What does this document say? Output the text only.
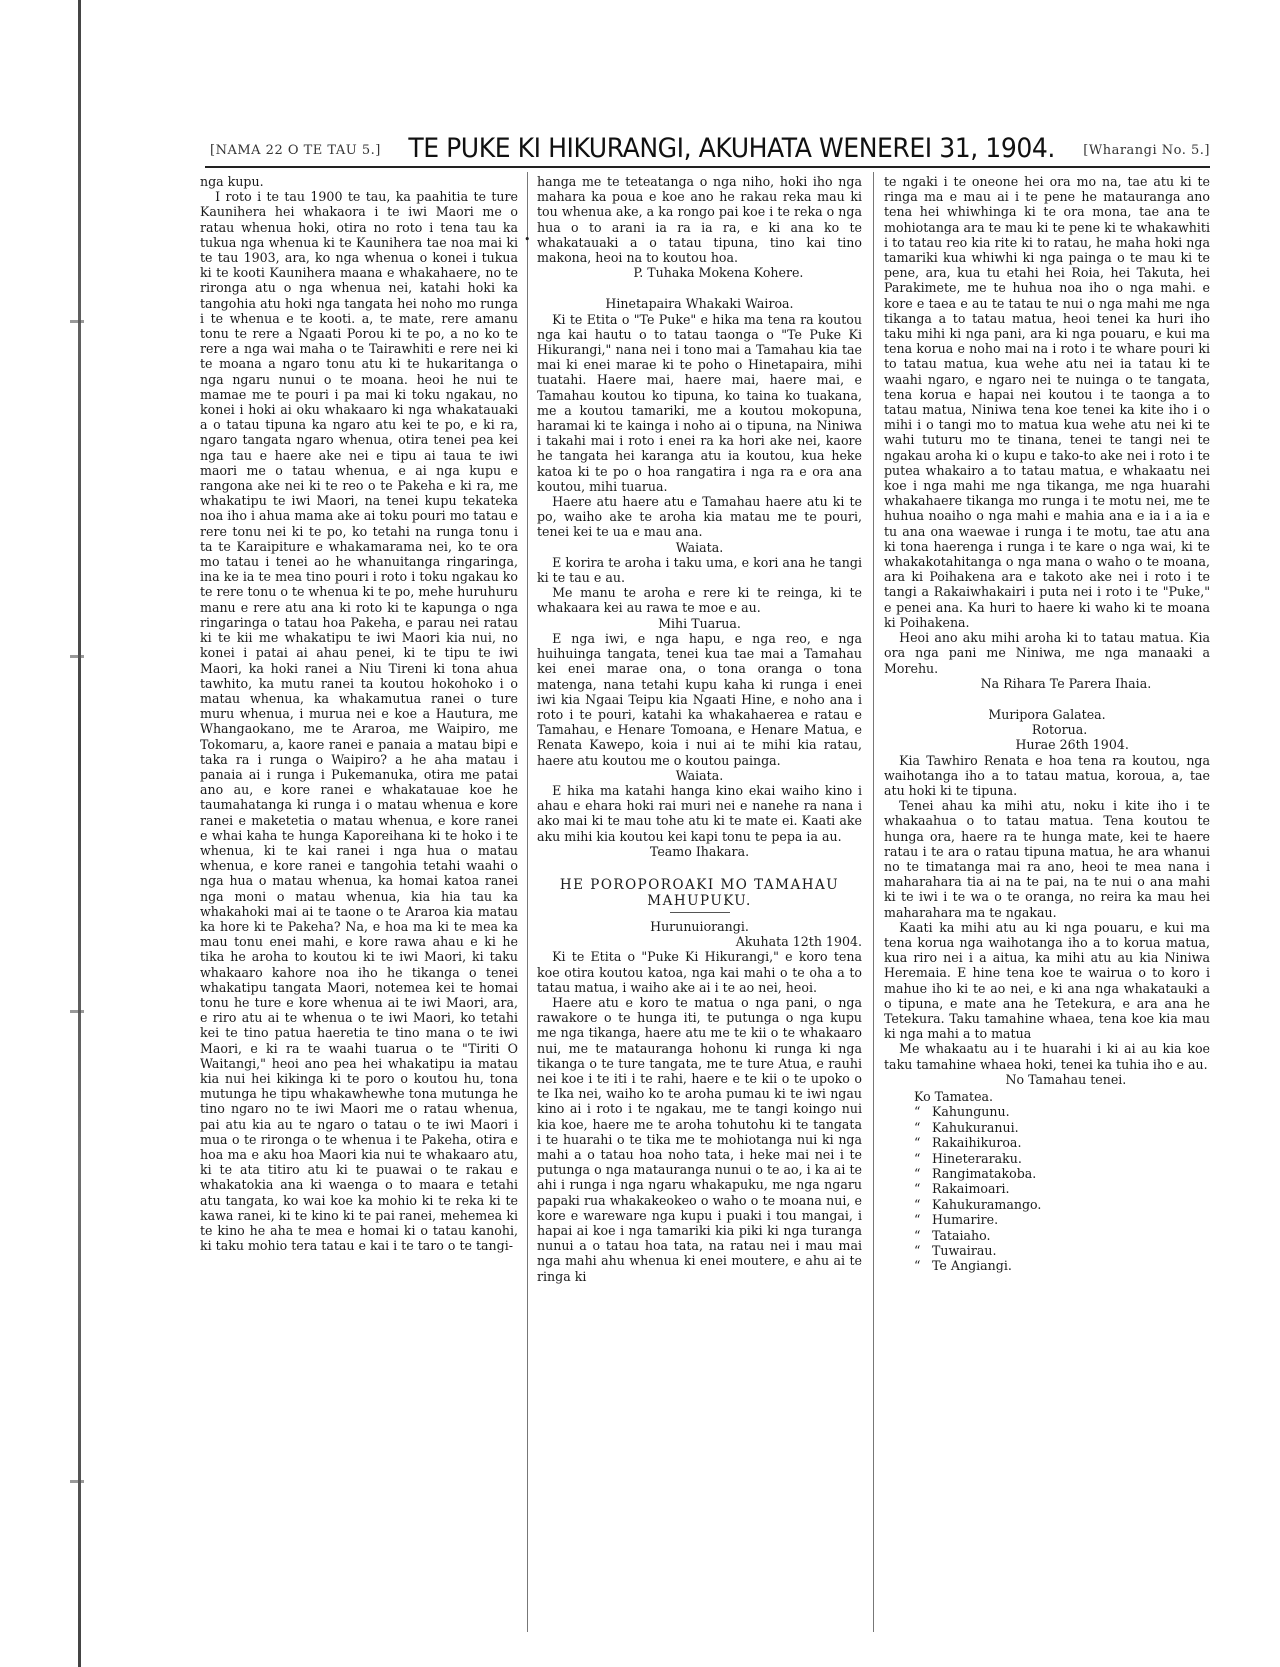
[NAMA 22 O TE TAU 5.] TE PUKE KI HIKURANGI, AKUHATA WENEREI 31, 1904. [Wharangi No. 5.]
•

nga kupu.

I roto i te tau 1900 te tau, ka paahitia te ture Kaunihera hei whakaora i te iwi Maori me o ratau whenua hoki, otira no roto i tena tau ka tukua nga whenua ki te Kaunihera tae noa mai ki te tau 1903, ara, ko nga whenua o konei i tukua ki te kooti Kaunihera maana e whakahaere, no te rironga atu o nga whenua nei, katahi hoki ka tangohia atu hoki nga tangata hei noho mo runga i te whenua e te kooti. a, te mate, rere amanu tonu te rere a Ngaati Porou ki te po, a no ko te rere a nga wai maha o te Tairawhiti e rere nei ki te moana a ngaro tonu atu ki te hukaritanga o nga ngaru nunui o te moana. heoi he nui te mamae me te pouri i pa mai ki toku ngakau, no konei i hoki ai oku whakaaro ki nga whakatauaki a o tatau tipuna ka ngaro atu kei te po, e ki ra, ngaro tangata ngaro whenua, otira tenei pea kei nga tau e haere ake nei e tipu ai taua te iwi maori me o tatau whenua, e ai nga kupu e rangona ake nei ki te reo o te Pakeha e ki ra, me whakatipu te iwi Maori, na tenei kupu tekateka noa iho i ahua mama ake ai toku pouri mo tatau e rere tonu nei ki te po, ko tetahi na runga tonu i ta te Karaipiture e whakamarama nei, ko te ora mo tatau i tenei ao he whanuitanga ringaringa, ina ke ia te mea tino pouri i roto i toku ngakau ko te rere tonu o te whenua ki te po, mehe huruhuru manu e rere atu ana ki roto ki te kapunga o nga ringaringa o tatau hoa Pakeha, e parau nei ratau ki te kii me whakatipu te iwi Maori kia nui, no konei i patai ai ahau penei, ki te tipu te iwi Maori, ka hoki ranei a Niu Tireni ki tona ahua tawhito, ka mutu ranei ta koutou hokohoko i o matau whenua, ka whakamutua ranei o ture muru whenua, i murua nei e koe a Hautura, me Whangaokano, me te Araroa, me Waipiro, me Tokomaru, a, kaore ranei e panaia a matau bipi e taka ra i runga o Waipiro? a he aha matau i panaia ai i runga i Pukemanuka, otira me patai ano au, e kore ranei e whakatauae koe he taumahatanga ki runga i o matau whenua e kore ranei e maketetia o matau whenua, e kore ranei e whai kaha te hunga Kaporeihana ki te hoko i te whenua, ki te kai ranei i nga hua o matau whenua, e kore ranei e tangohia tetahi waahi o nga hua o matau whenua, ka homai katoa ranei nga moni o matau whenua, kia hia tau ka whakahoki mai ai te taone o te Araroa kia matau ka hore ki te Pakeha? Na, e hoa ma ki te mea ka mau tonu enei mahi, e kore rawa ahau e ki he tika he aroha to koutou ki te iwi Maori, ki taku whakaaro kahore noa iho he tikanga o tenei whakatipu tangata Maori, notemea kei te homai tonu he ture e kore whenua ai te iwi Maori, ara, e riro atu ai te whenua o te iwi Maori, ko tetahi kei te tino patua haeretia te tino mana o te iwi Maori, e ki ra te waahi tuarua o te "Tiriti O Waitangi," heoi ano pea hei whakatipu ia matau kia nui hei kikinga ki te poro o koutou hu, tona mutunga he tipu whakawhewhe tona mutunga he tino ngaro no te iwi Maori me o ratau whenua, pai atu kia au te ngaro o tatau o te iwi Maori i mua o te rironga o te whenua i te Pakeha, otira e hoa ma e aku hoa Maori kia nui te whakaaro atu, ki te ata titiro atu ki te puawai o te rakau e whakatokia ana ki waenga o to maara e tetahi atu tangata, ko wai koe ka mohio ki te reka ki te kawa ranei, ki te kino ki te pai ranei, mehemea ki te kino he aha te mea e homai ki o tatau kanohi, ki taku mohio tera tatau e kai i te taro o te tangi-

hanga me te teteatanga o nga niho, hoki iho nga mahara ka poua e koe ano he rakau reka mau ki tou whenua ake, a ka rongo pai koe i te reka o nga hua o to arani ia ra ia ra, e ki ana ko te whakatauaki a o tatau tipuna, tino kai tino makona, heoi na to koutou hoa.

P. Tuhaka Mokena Kohere.

Hinetapaira Whakaki Wairoa.

Ki te Etita o "Te Puke" e hika ma tena ra koutou nga kai hautu o to tatau taonga o "Te Puke Ki Hikurangi," nana nei i tono mai a Tamahau kia tae mai ki enei marae ki te poho o Hinetapaira, mihi tuatahi. Haere mai, haere mai, haere mai, e Tamahau koutou ko tipuna, ko taina ko tuakana, me a koutou tamariki, me a koutou mokopuna, haramai ki te kainga i noho ai o tipuna, na Niniwa i takahi mai i roto i enei ra ka hori ake nei, kaore he tangata hei karanga atu ia koutou, kua heke katoa ki te po o hoa rangatira i nga ra e ora ana koutou, mihi tuarua.

Haere atu haere atu e Tamahau haere atu ki te po, waiho ake te aroha kia matau me te pouri, tenei kei te ua e mau ana.

Waiata.

E korira te aroha i taku uma, e kori ana he tangi ki te tau e au.

Me manu te aroha e rere ki te reinga, ki te whakaara kei au rawa te moe e au.

Mihi Tuarua.

E nga iwi, e nga hapu, e nga reo, e nga huihuinga tangata, tenei kua tae mai a Tamahau kei enei marae ona, o tona oranga o tona matenga, nana tetahi kupu kaha ki runga i enei iwi kia Ngaai Teipu kia Ngaati Hine, e noho ana i roto i te pouri, katahi ka whakahaerea e ratau e Tamahau, e Henare Tomoana, e Henare Matua, e Renata Kawepo, koia i nui ai te mihi kia ratau, haere atu koutou me o koutou painga.

Waiata.

E hika ma katahi hanga kino ekai waiho kino i ahau e ehara hoki rai muri nei e nanehe ra nana i ako mai ki te mau tohe atu ki te mate ei. Kaati ake aku mihi kia koutou kei kapi tonu te pepa ia au.

Teamo Ihakara.

HE POROPOROAKI MO TAMAHAU MAHUPUKU.

Hurunuiorangi.

Akuhata 12th 1904.

Ki te Etita o "Puke Ki Hikurangi," e koro tena koe otira koutou katoa, nga kai mahi o te oha a to tatau matua, i waiho ake ai i te ao nei, heoi.

Haere atu e koro te matua o nga pani, o nga rawakore o te hunga iti, te putunga o nga kupu me nga tikanga, haere atu me te kii o te whakaaro nui, me te matauranga hohonu ki runga ki nga tikanga o te ture tangata, me te ture Atua, e rauhi nei koe i te iti i te rahi, haere e te kii o te upoko o te Ika nei, waiho ko te aroha pumau ki te iwi ngau kino ai i roto i te ngakau, me te tangi koingo nui kia koe, haere me te aroha tohutohu ki te tangata i te huarahi o te tika me te mohiotanga nui ki nga mahi a o tatau hoa noho tata, i heke mai nei i te putunga o nga matauranga nunui o te ao, i ka ai te ahi i runga i nga ngaru whakapuku, me nga ngaru papaki rua whakakeokeo o waho o te moana nui, e kore e wareware nga kupu i puaki i tou mangai, i hapai ai koe i nga tamariki kia piki ki nga turanga nunui a o tatau hoa tata, na ratau nei i mau mai nga mahi ahu whenua ki enei moutere, e ahu ai te ringa ki

te ngaki i te oneone hei ora mo na, tae atu ki te ringa ma e mau ai i te pene he matauranga ano tena hei whiwhinga ki te ora mona, tae ana te mohiotanga ara te mau ki te pene ki te whakawhiti i to tatau reo kia rite ki to ratau, he maha hoki nga tamariki kua whiwhi ki nga painga o te mau ki te pene, ara, kua tu etahi hei Roia, hei Takuta, hei Parakimete, me te huhua noa iho o nga mahi. e kore e taea e au te tatau te nui o nga mahi me nga tikanga a to tatau matua, heoi tenei ka huri iho taku mihi ki nga pani, ara ki nga pouaru, e kui ma tena korua e noho mai na i roto i te whare pouri ki to tatau matua, kua wehe atu nei ia tatau ki te waahi ngaro, e ngaro nei te nuinga o te tangata, tena korua e hapai nei koutou i te taonga a to tatau matua, Niniwa tena koe tenei ka kite iho i o mihi i o tangi mo to matua kua wehe atu nei ki te wahi tuturu mo te tinana, tenei te tangi nei te ngakau aroha ki o kupu e tako-to ake nei i roto i te putea whakairo a to tatau matua, e whakaatu nei koe i nga mahi me nga tikanga, me nga huarahi whakahaere tikanga mo runga i te motu nei, me te huhua noaiho o nga mahi e mahia ana e ia i a ia e tu ana ona waewae i runga i te motu, tae atu ana ki tona haerenga i runga i te kare o nga wai, ki te whakakotahitanga o nga mana o waho o te moana, ara ki Poihakena ara e takoto ake nei i roto i te tangi a Rakaiwhakairi i puta nei i roto i te "Puke," e penei ana. Ka huri to haere ki waho ki te moana ki Poihakena.

Heoi ano aku mihi aroha ki to tatau matua. Kia ora nga pani me Niniwa, me nga manaaki a Morehu.

Na Rihara Te Parera Ihaia.

Muripora Galatea.

Rotorua.

Hurae 26th 1904.

Kia Tawhiro Renata e hoa tena ra koutou, nga waihotanga iho a to tatau matua, koroua, a, tae atu hoki ki te tipuna.

Tenei ahau ka mihi atu, noku i kite iho i te whakaahua o to tatau matua. Tena koutou te hunga ora, haere ra te hunga mate, kei te haere ratau i te ara o ratau tipuna matua, he ara whanui no te timatanga mai ra ano, heoi te mea nana i maharahara tia ai na te pai, na te nui o ana mahi ki te iwi i te wa o te oranga, no reira ka mau hei maharahara ma te ngakau.

Kaati ka mihi atu au ki nga pouaru, e kui ma tena korua nga waihotanga iho a to korua matua, kua riro nei i a aitua, ka mihi atu au kia Niniwa Heremaia. E hine tena koe te wairua o to koro i mahue iho ki te ao nei, e ki ana nga whakatauki a o tipuna, e mate ana he Tetekura, e ara ana he Tetekura. Taku tamahine whaea, tena koe kia mau ki nga mahi a to matua

Me whakaatu au i te huarahi i ki ai au kia koe taku tamahine whaea hoki, tenei ka tuhia iho e au.

No Tamahau tenei.

Ko Tamatea.
“ Kahungunu.
“ Kahukuranui.
“ Rakaihikuroa.
“ Hineteraraku.
“ Rangimatakoba.
“ Rakaimoari.
“ Kahukuramango.
“ Humarire.
“ Tataiaho.
“ Tuwairau.
“ Te Angiangi.
